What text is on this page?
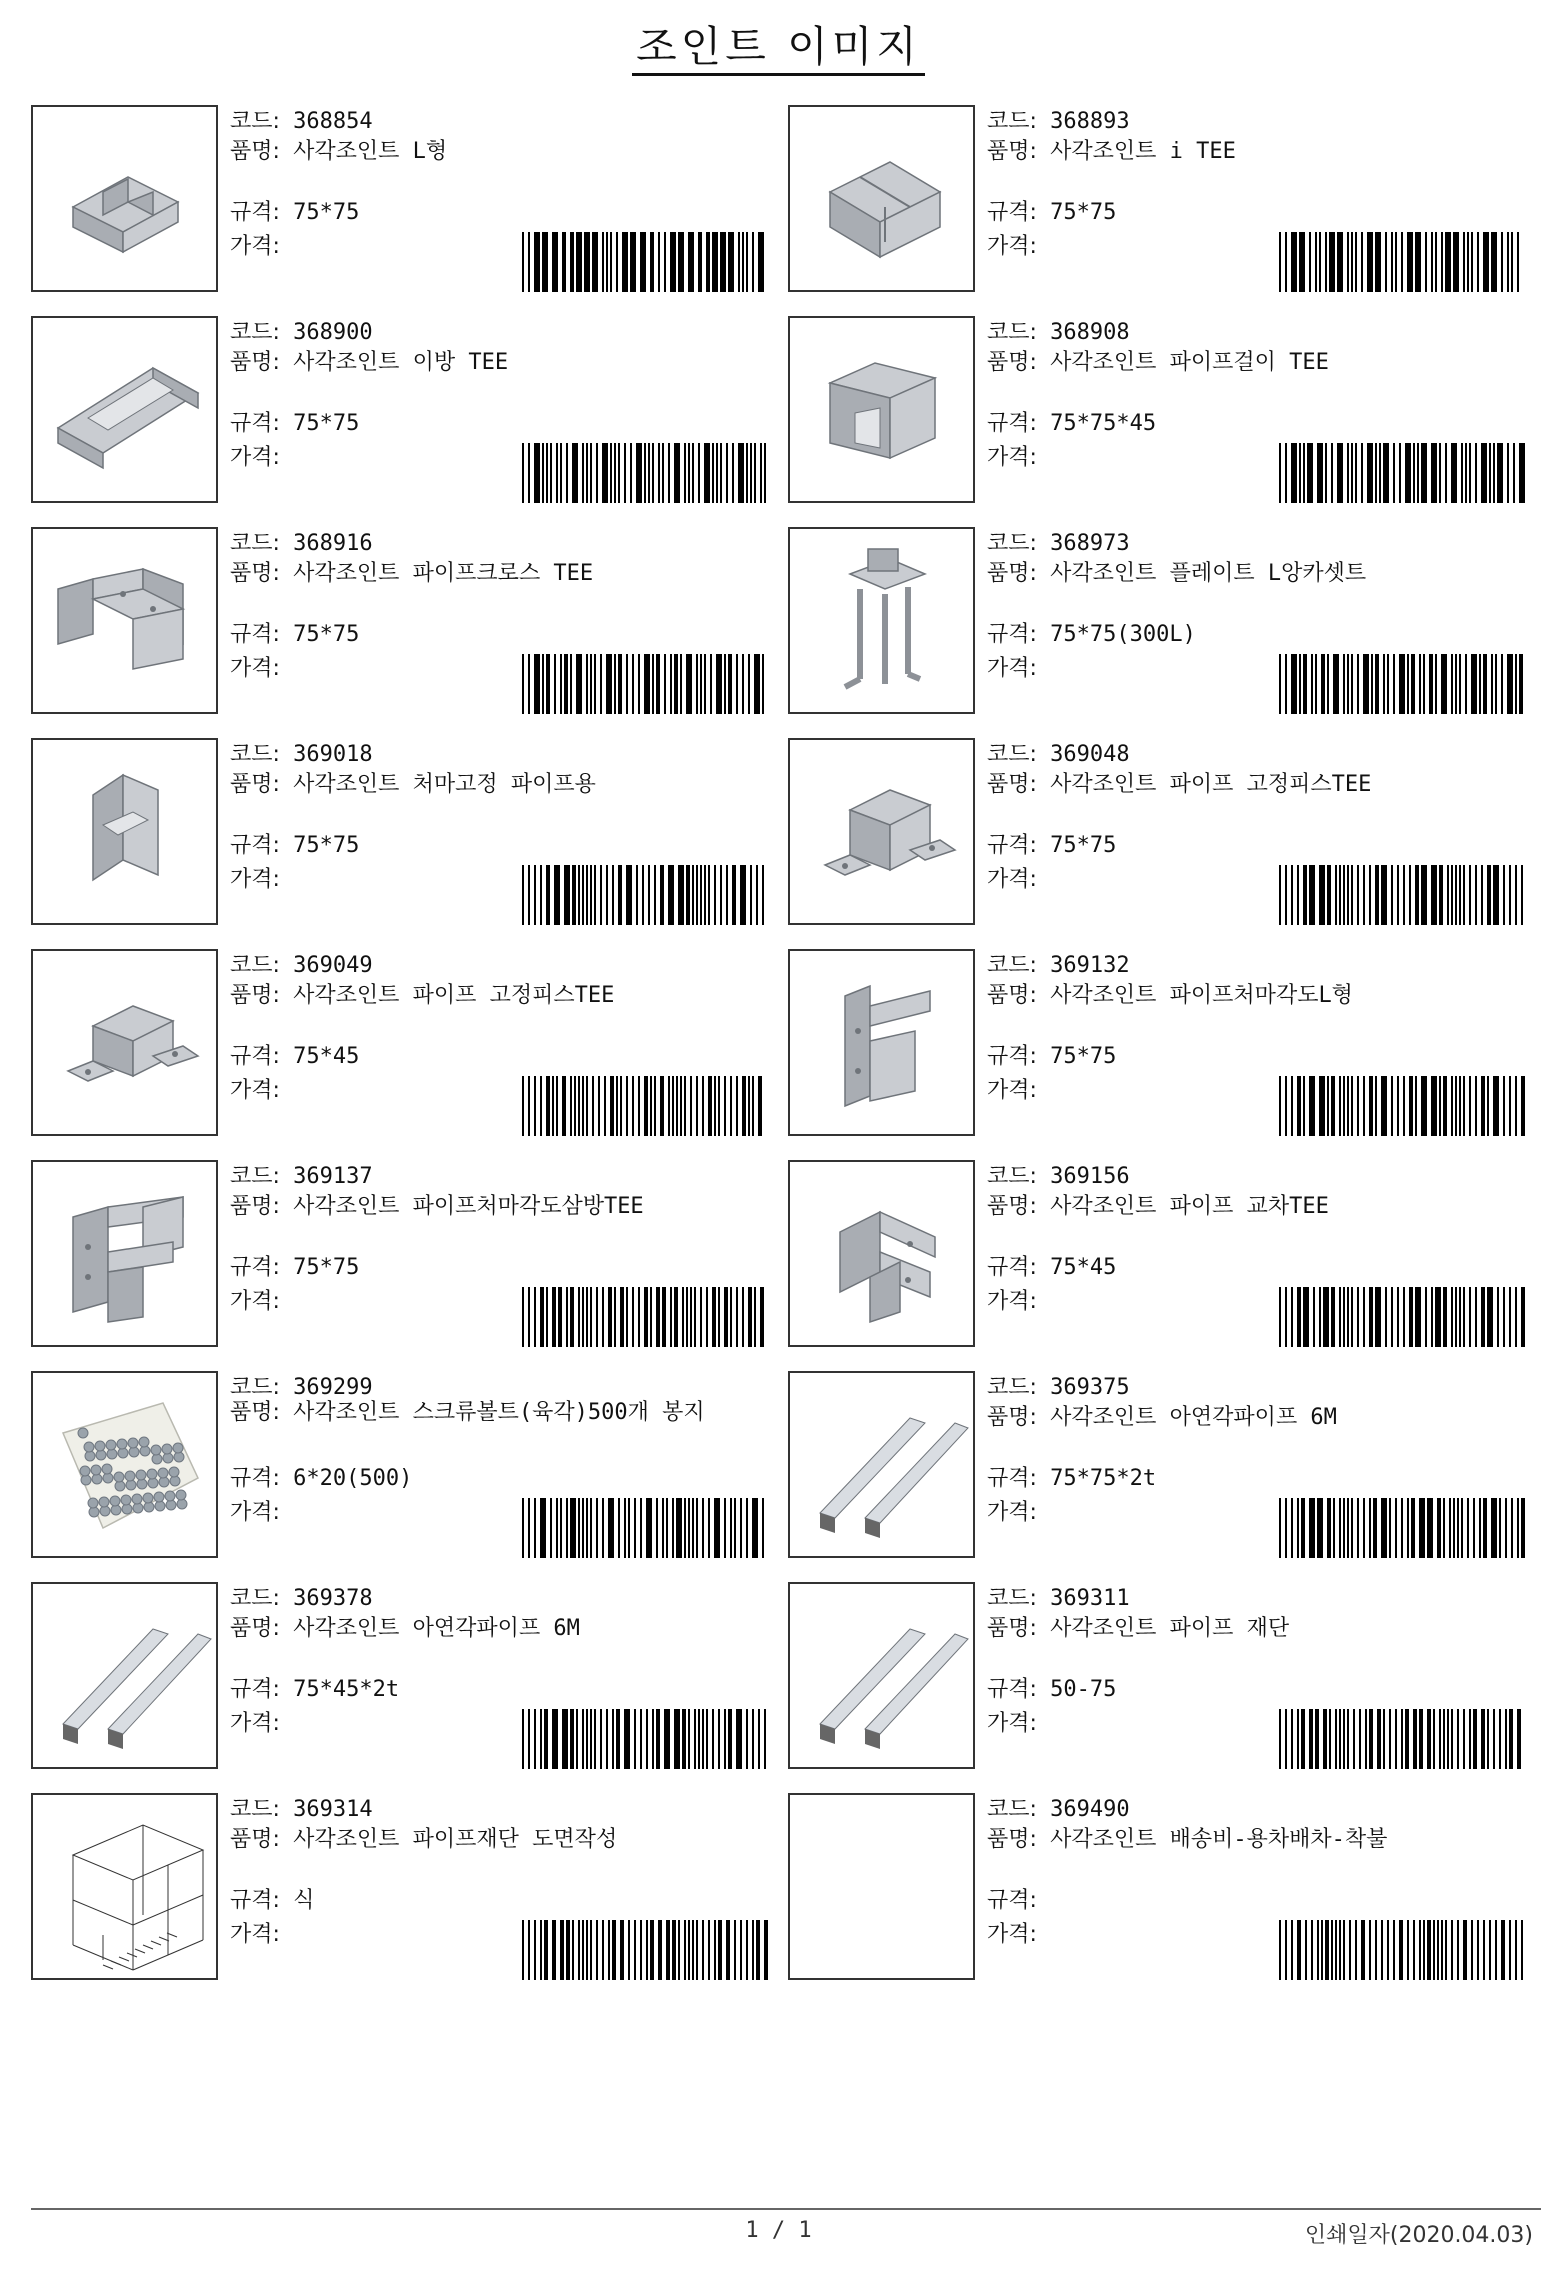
조인트 이미지
코드: 368854
품명: 사각조인트 L형
규격: 75*75
가격:
코드: 368893
품명: 사각조인트 i TEE
규격: 75*75
가격:
코드: 368900
품명: 사각조인트 이방 TEE
규격: 75*75
가격:
코드: 368908
품명: 사각조인트 파이프걸이 TEE
규격: 75*75*45
가격:
코드: 368916
품명: 사각조인트 파이프크로스 TEE
규격: 75*75
가격:
코드: 368973
품명: 사각조인트 플레이트 L앙카셋트
규격: 75*75(300L)
가격:
코드: 369018
품명: 사각조인트 처마고정 파이프용
규격: 75*75
가격:
코드: 369048
품명: 사각조인트 파이프 고정피스TEE
규격: 75*75
가격:
코드: 369049
품명: 사각조인트 파이프 고정피스TEE
규격: 75*45
가격:
코드: 369132
품명: 사각조인트 파이프처마각도L형
규격: 75*75
가격:
코드: 369137
품명: 사각조인트 파이프처마각도삼방TEE
규격: 75*75
가격:
코드: 369156
품명: 사각조인트 파이프 교차TEE
규격: 75*45
가격:
코드: 369299
품명: 사각조인트 스크류볼트(육각)500개 봉지
규격: 6*20(500)
가격:
코드: 369375
품명: 사각조인트 아연각파이프 6M
규격: 75*75*2t
가격:
코드: 369378
품명: 사각조인트 아연각파이프 6M
규격: 75*45*2t
가격:
코드: 369311
품명: 사각조인트 파이프 재단
규격: 50-75
가격:
코드: 369314
품명: 사각조인트 파이프재단 도면작성
규격: 식
가격:
코드: 369490
품명: 사각조인트 배송비-용차배차-착불
규격:
가격:
1 / 1	인쇄일자(2020.04.03)
